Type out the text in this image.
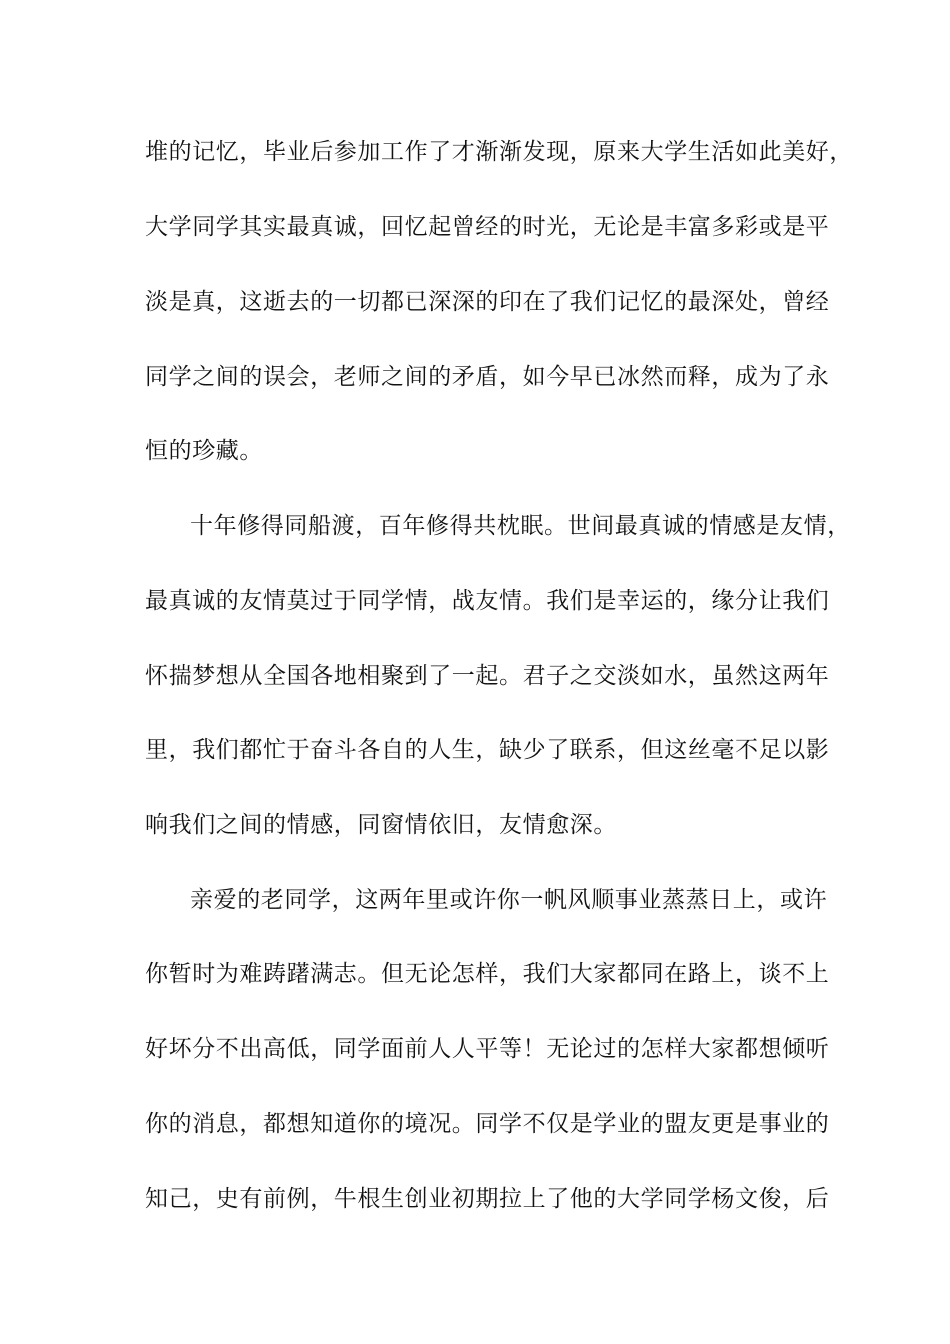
堆的记忆，毕业后参加工作了才渐渐发现，原来大学生活如此美好，
大学同学其实最真诚，回忆起曾经的时光，无论是丰富多彩或是平
淡是真，这逝去的一切都已深深的印在了我们记忆的最深处，曾经
同学之间的误会，老师之间的矛盾，如今早已冰然而释，成为了永
恒的珍藏。
十年修得同船渡，百年修得共枕眠。世间最真诚的情感是友情，
最真诚的友情莫过于同学情，战友情。我们是幸运的，缘分让我们
怀揣梦想从全国各地相聚到了一起。君子之交淡如水，虽然这两年
里，我们都忙于奋斗各自的人生，缺少了联系，但这丝毫不足以影
响我们之间的情感，同窗情依旧，友情愈深。
亲爱的老同学，这两年里或许你一帆风顺事业蒸蒸日上，或许
你暂时为难踌躇满志。但无论怎样，我们大家都同在路上，谈不上
好坏分不出高低，同学面前人人平等！无论过的怎样大家都想倾听
你的消息，都想知道你的境况。同学不仅是学业的盟友更是事业的
知己，史有前例，牛根生创业初期拉上了他的大学同学杨文俊，后
